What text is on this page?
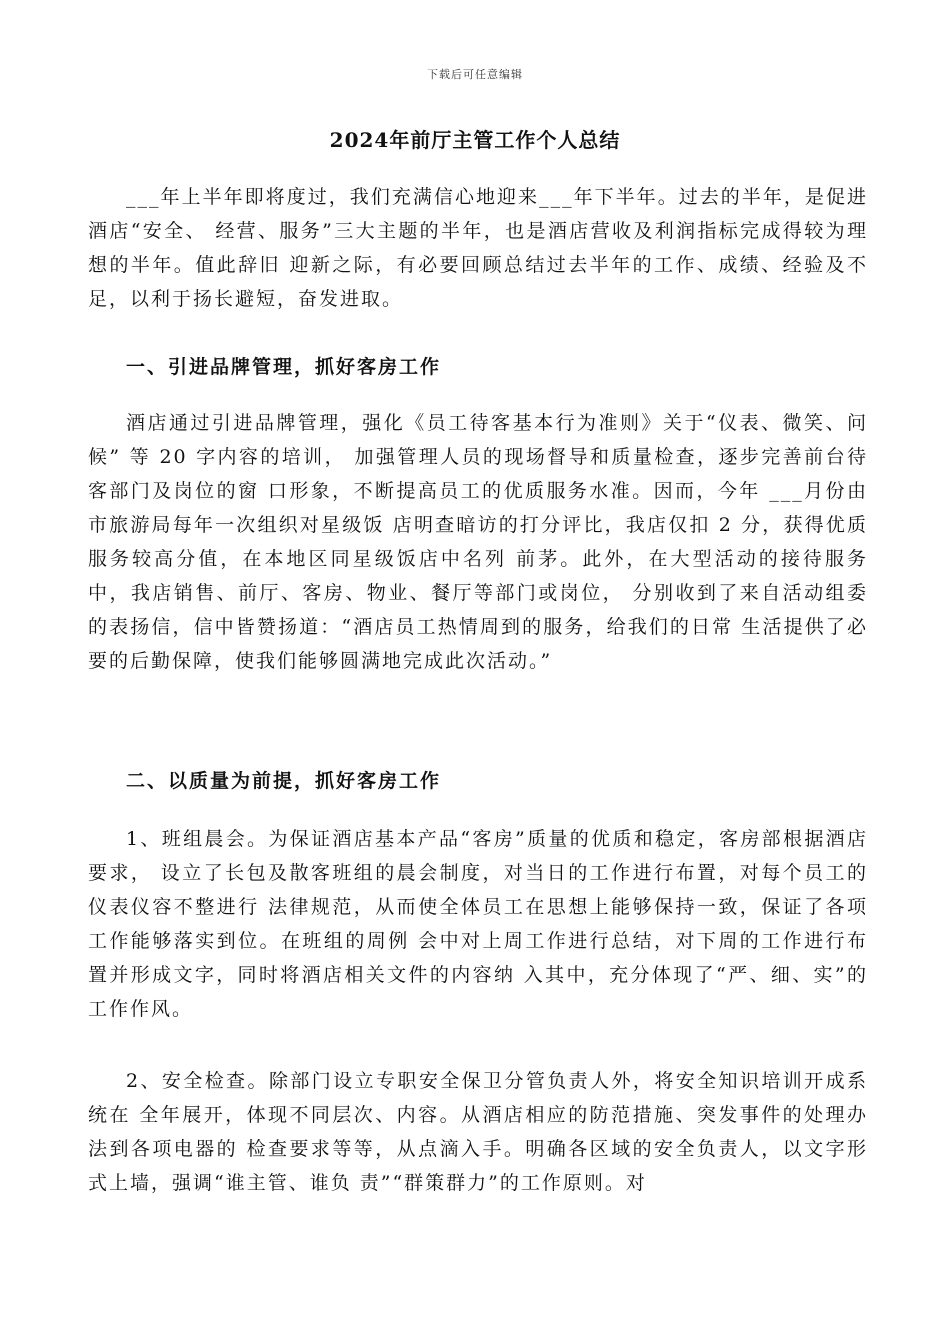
下载后可任意编辑
2024年前厅主管工作个人总结

___年上半年即将度过，我们充满信心地迎来___年下半年。过去的半年，是促进酒店“安全、 经营、服务”三大主题的半年，也是酒店营收及利润指标完成得较为理想的半年。值此辞旧 迎新之际，有必要回顾总结过去半年的工作、成绩、经验及不足，以利于扬长避短，奋发进取。

一、引进品牌管理，抓好客房工作

酒店通过引进品牌管理，强化《员工待客基本行为准则》关于“仪表、微笑、问候” 等 20 字内容的培训， 加强管理人员的现场督导和质量检查，逐步完善前台待客部门及岗位的窗 口形象，不断提高员工的优质服务水准。因而，今年 ___月份由市旅游局每年一次组织对星级饭 店明查暗访的打分评比，我店仅扣 2 分，获得优质服务较高分值，在本地区同星级饭店中名列 前茅。此外，在大型活动的接待服务中，我店销售、前厅、客房、物业、餐厅等部门或岗位， 分别收到了来自活动组委的表扬信，信中皆赞扬道：“酒店员工热情周到的服务，给我们的日常 生活提供了必要的后勤保障，使我们能够圆满地完成此次活动。”

二、以质量为前提，抓好客房工作

1、班组晨会。为保证酒店基本产品“客房”质量的优质和稳定，客房部根据酒店要求， 设立了长包及散客班组的晨会制度，对当日的工作进行布置，对每个员工的仪表仪容不整进行 法律规范，从而使全体员工在思想上能够保持一致，保证了各项工作能够落实到位。在班组的周例 会中对上周工作进行总结，对下周的工作进行布置并形成文字，同时将酒店相关文件的内容纳 入其中，充分体现了“严、细、实”的工作作风。

2、安全检查。除部门设立专职安全保卫分管负责人外，将安全知识培训开成系统在 全年展开，体现不同层次、内容。从酒店相应的防范措施、突发事件的处理办法到各项电器的 检查要求等等，从点滴入手。明确各区域的安全负责人，以文字形式上墙，强调“谁主管、谁负 责”“群策群力”的工作原则。对
